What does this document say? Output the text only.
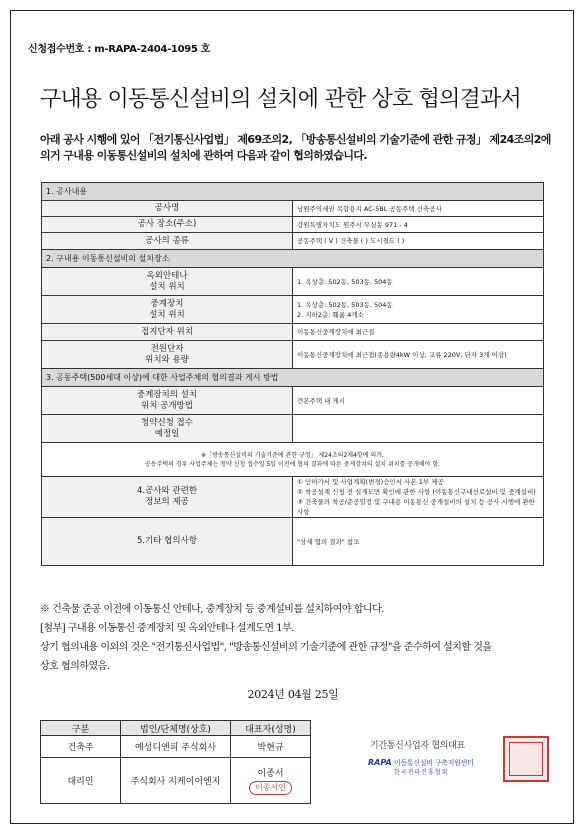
신청접수번호 : m-RAPA-2404-1095 호
구내용 이동통신설비의 설치에 관한 상호 협의결과서
아래 공사 시행에 있어 「전기통신사업법」 제69조의2, 「방송통신설비의 기술기준에 관한 규정」 제24조의2에 의거 구내용 이동통신설비의 설치에 관하여 다음과 같이 협의하였습니다.
1. 공사내용	
공사명	남원주역세권 복합용지 AC-5BL 공동주택 신축공사
공사 장소(주소)	강원특별자치도 원주시 무실동 971 - 4
공사의 종류	공동주택 ( V ) 건축물 ( ) 도시철도 ( )
2. 구내용 이동통신설비의 설치장소	
옥외안테나
설치 위치	1. 옥상층: 502동, 503동, 504동
중계장치
설치 위치	1. 옥상층: 502동, 503동, 504동
2. 지하2층: 훼룸 4개소
접지단자 위치	이동통신중계장치에 최근접
전원단자
위치와 용량	이동통신중계장치에 최근접(종용량4kW 이상, 교류 220V, 단자 3개 이상)
3. 공동주택(500세대 이상)에 대한 사업주체의 협의결과 게시 방법	
중계장치의 설치
위치 공개방법	견본주택 내 게시
청약신청 접수
예정일	
※「방송통신설비의 기술기준에 관한 규정」 제24조의2제4항에 의거,
공동주택의 경우 사업주체는 청약 신청 접수일 5일 이전에 협의 결과에 따른 중계장치의 설치 위치를 공개해야 함.	
4.공사와 관련한
정보의 제공	① 인허가서 및 사업계획(변경)승인서 사본 1부 제공
② 착공설계 신청 전 설계도면 확인에 관한 사항 (이동통신구내선로설비 및 중계설비)
③ 건축물의 착공/준공일정 및 구내용 이동통신 중계설비의 설치 등 공사 시행에 관한 사항
5.기타 협의사항	"상세 협의 결과" 참조
※ 건축물 준공 이전에 이동통신 안테나, 중계장치 등 중계설비를 설치하여야 합니다.
[첨부] 구내용 이동통신 중계장치 및 옥외안테나 설계도면 1부.
상기 협의내용 이외의 것은 "전기통신사업법", "방송통신설비의 기술기준에 관한 규정"을 준수하여 설치할 것을
상호 협의하였음.
2024년 04월 25일
구분	법인/단체명(상호)	대표자(성명)
건축주	예성디앤피 주식회사	박현규
대리인	주식회사 지케이이엔지	이종서
이종서인
기간통신사업자 협의대표
RAPA 이동통신설비 구축지원센터
한국전파진흥협회
